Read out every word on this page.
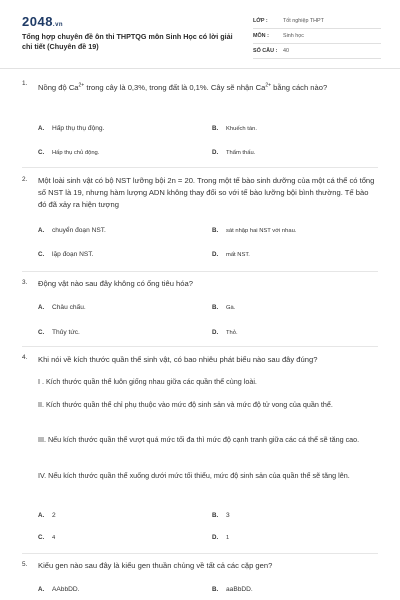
2048.vn
Tổng hợp chuyên đề ôn thi THPTQG môn Sinh Học có lời giải chi tiết (Chuyên đề 19)
LỚP :	Tốt nghiệp THPT
MÔN :	Sinh học
SỐ CÂU :	40
1. Nồng độ $Ca^{2+}$ trong cây là 0,3%, trong đất là 0,1%. Cây sẽ nhận $Ca^{2+}$ bằng cách nào?
A. Hấp thụ thụ động.	B. Khuếch tán.
C. Hấp thụ chủ động.	D. Thẩm thấu.
2. Một loài sinh vật có bộ NST lưỡng bội 2n = 20. Trong một tế bào sinh dưỡng của một cá thể có tổng số NST là 19, nhưng hàm lượng ADN không thay đổi so với tế bào lưỡng bội bình thường. Tế bào đó đã xảy ra hiện tượng
A. chuyển đoạn NST.	B. sát nhập hai NST với nhau.
C. lặp đoạn NST.	D. mất NST.
3. Động vật nào sau đây không có ống tiêu hóa?
A. Châu chấu.	B. Gà.
C. Thủy tức.	D. Thỏ.
4. Khi nói về kích thước quần thể sinh vật, có bao nhiêu phát biểu nào sau đây đúng?
I . Kích thước quần thể luôn giống nhau giữa các quần thể cùng loài.
II. Kích thước quần thể chỉ phụ thuộc vào mức độ sinh sản và mức độ tử vong của quần thể.
III. Nếu kích thước quần thể vượt quá mức tối đa thì mức độ cạnh tranh giữa các cá thể sẽ tăng cao.
IV. Nếu kích thước quần thể xuống dưới mức tối thiểu, mức độ sinh sản của quần thể sẽ tăng lên.
A. 2	B. 3
C. 4	D. 1
5. Kiểu gen nào sau đây là kiểu gen thuần chủng về tất cả các cặp gen?
A. AAbbDD.	B. aaBbDD.
